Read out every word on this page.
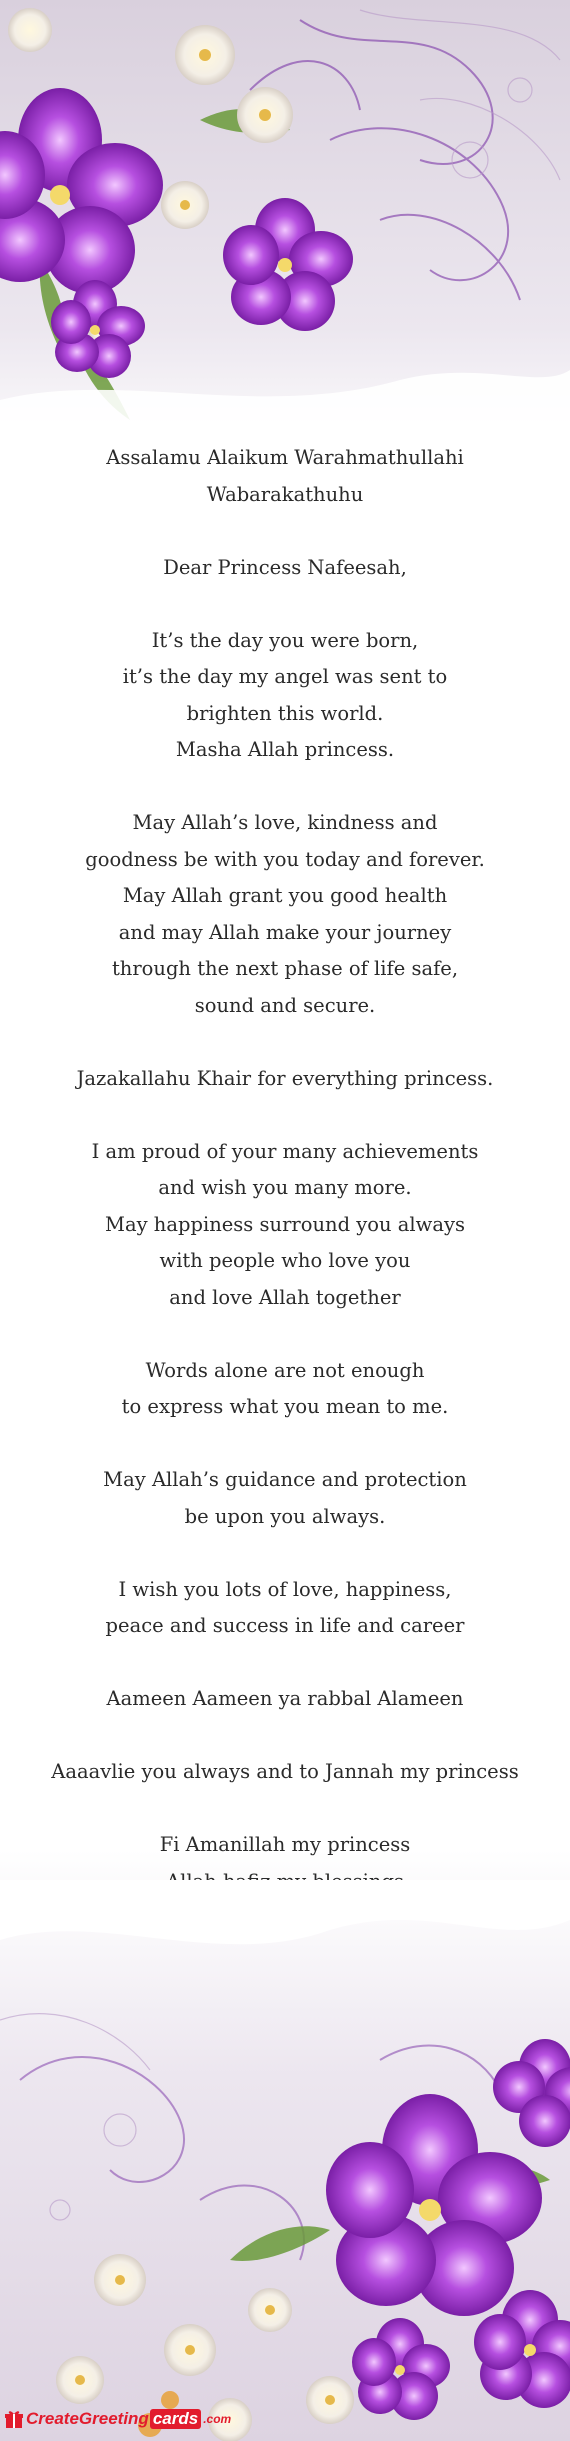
Assalamu Alaikum Warahmathullahi
Wabarakathuhu
Dear Princess Nafeesah,
It’s the day you were born,
it’s the day my angel was sent to
brighten this world.
Masha Allah princess.
May Allah’s love, kindness and
goodness be with you today and forever.
May Allah grant you good health
and may Allah make your journey
through the next phase of life safe,
sound and secure.
Jazakallahu Khair for everything princess.
I am proud of your many achievements
and wish you many more.
May happiness surround you always
with people who love you
and love Allah together
Words alone are not enough
to express what you mean to me.
May Allah’s guidance and protection
be upon you always.
I wish you lots of love, happiness,
peace and success in life and career
Aameen Aameen ya rabbal Alameen
Aaaavlie you always and to Jannah my princess
Fi Amanillah my princess
CreateGreeting cards .com
